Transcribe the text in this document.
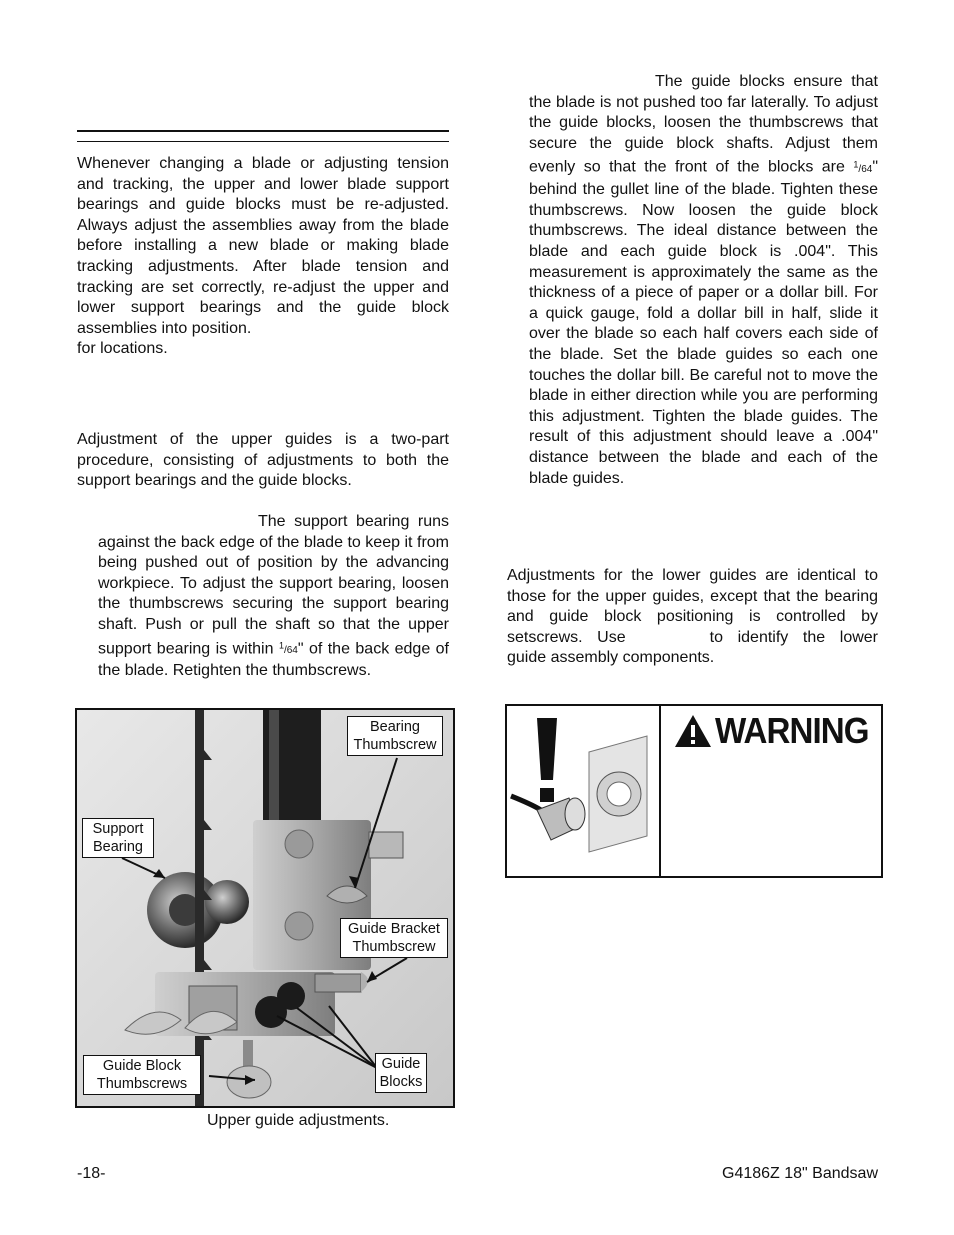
Whenever changing a blade or adjusting tension and tracking, the upper and lower blade support bearings and guide blocks must be re-adjusted. Always adjust the assemblies away from the blade before installing a new blade or making blade tracking adjustments. After blade tension and tracking are set correctly, re-adjust the upper and lower support bearings and the guide block assemblies into position.
for locations.

Adjustment of the upper guides is a two-part procedure, consisting of adjustments to both the support bearings and the guide blocks.

The support bearing runs against the back edge of the blade to keep it from being pushed out of position by the advancing workpiece. To adjust the support bearing, loosen the thumbscrews securing the support bearing shaft. Push or pull the shaft so that the upper support bearing is within $^1$/64" of the back edge of the blade. Retighten the thumbscrews.

Bearing Thumbscrew
Support Bearing
Guide Bracket Thumbscrew
Guide Block Thumbscrews
Guide Blocks
Upper guide adjustments.

The guide blocks ensure that the blade is not pushed too far laterally. To adjust the guide blocks, loosen the thumbscrews that secure the guide block shafts. Adjust them evenly so that the front of the blocks are $^1$/64" behind the gullet line of the blade. Tighten these thumbscrews. Now loosen the guide block thumbscrews. The ideal distance between the blade and each guide block is .004". This measurement is approximately the same as the thickness of a piece of paper or a dollar bill. For a quick gauge, fold a dollar bill in half, slide it over the blade so each half covers each side of the blade. Set the blade guides so each one touches the dollar bill. Be careful not to move the blade in either direction while you are performing this adjustment. Tighten the blade guides. The result of this adjustment should leave a .004" distance between the blade and each of the blade guides.

Adjustments for the lower guides are identical to those for the upper guides, except that the bearing and guide block positioning is controlled by setscrews. Use	to identify the lower guide assembly components.

WARNING
-18-	G4186Z 18" Bandsaw
